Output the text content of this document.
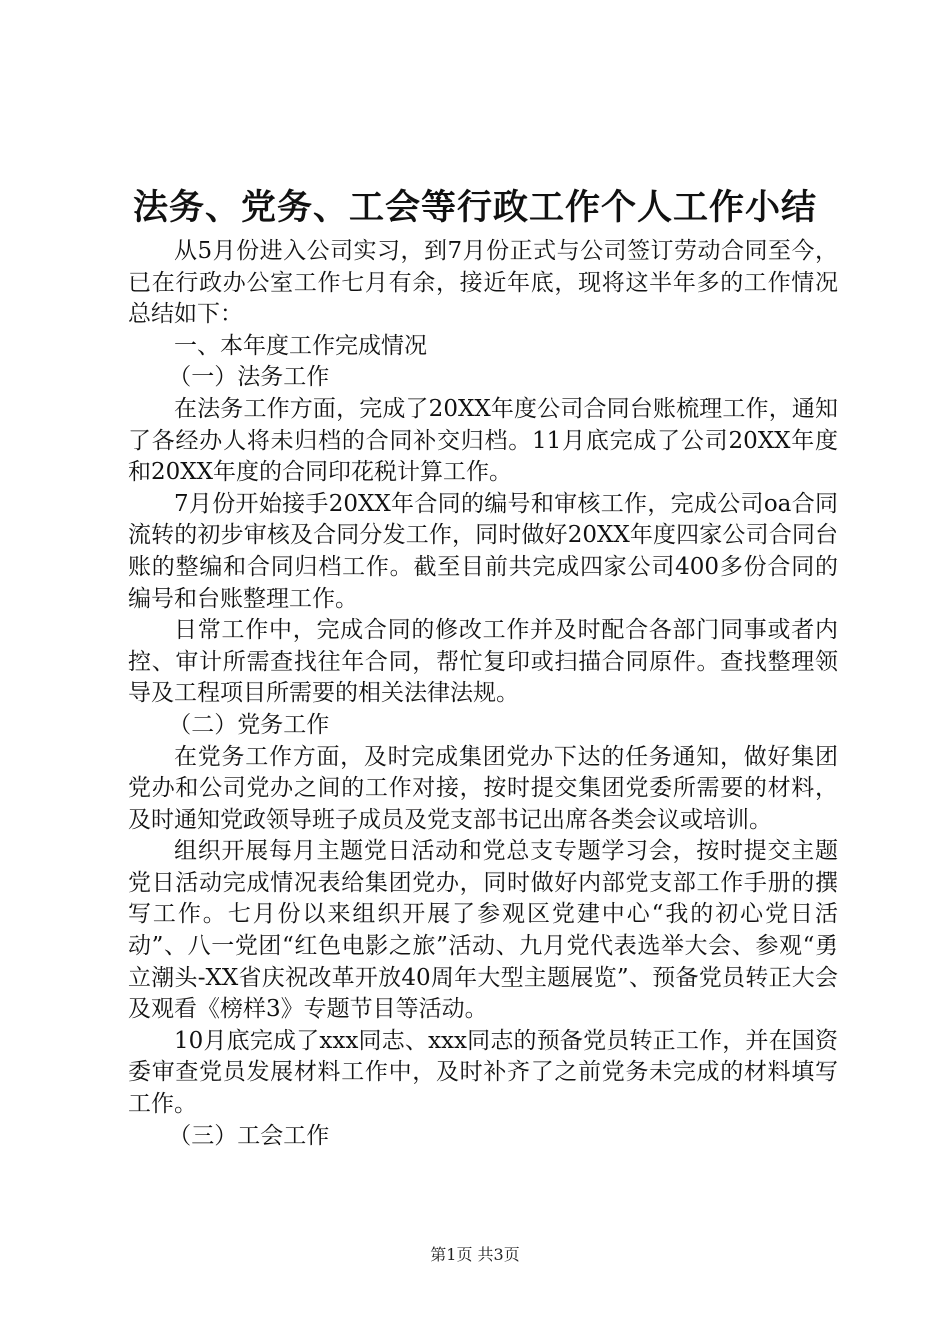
法务、党务、工会等行政工作个人工作小结

从5月份进入公司实习，到7月份正式与公司签订劳动合同至今，已在行政办公室工作七月有余，接近年底，现将这半年多的工作情况总结如下：

一、本年度工作完成情况

（一）法务工作

在法务工作方面，完成了20XX年度公司合同台账梳理工作，通知了各经办人将未归档的合同补交归档。11月底完成了公司20XX年度和20XX年度的合同印花税计算工作。

7月份开始接手20XX年合同的编号和审核工作，完成公司oa合同流转的初步审核及合同分发工作，同时做好20XX年度四家公司合同台账的整编和合同归档工作。截至目前共完成四家公司400多份合同的编号和台账整理工作。

日常工作中，完成合同的修改工作并及时配合各部门同事或者内控、审计所需查找往年合同，帮忙复印或扫描合同原件。查找整理领导及工程项目所需要的相关法律法规。

（二）党务工作

在党务工作方面，及时完成集团党办下达的任务通知，做好集团党办和公司党办之间的工作对接，按时提交集团党委所需要的材料，及时通知党政领导班子成员及党支部书记出席各类会议或培训。

组织开展每月主题党日活动和党总支专题学习会，按时提交主题党日活动完成情况表给集团党办，同时做好内部党支部工作手册的撰写工作。七月份以来组织开展了参观区党建中心“我的初心党日活动”、八一党团“红色电影之旅”活动、九月党代表选举大会、参观“勇立潮头-XX省庆祝改革开放40周年大型主题展览”、预备党员转正大会及观看《榜样3》专题节目等活动。

10月底完成了xxx同志、xxx同志的预备党员转正工作，并在国资委审查党员发展材料工作中，及时补齐了之前党务未完成的材料填写工作。

（三）工会工作

第1页 共3页
